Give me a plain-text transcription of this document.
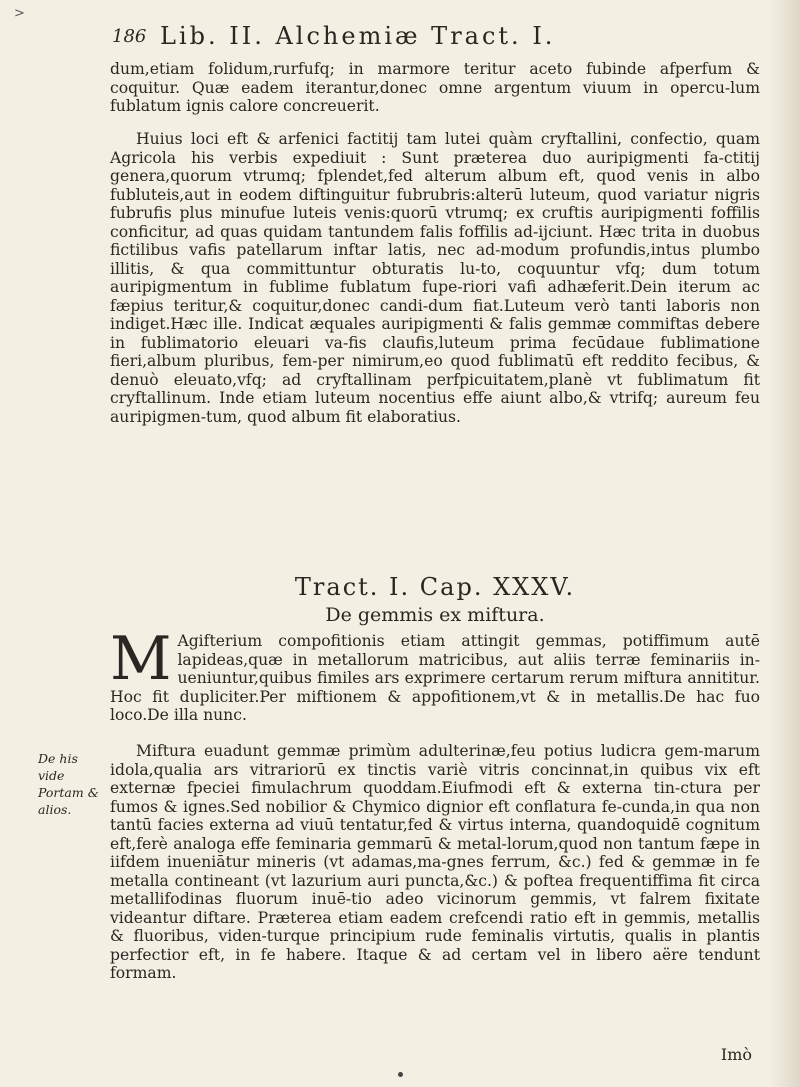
>
186 Lib. II. Alchemiæ Tract. I.

dum,etiam folidum,rurfufq; in marmore teritur aceto fubinde afperfum & coquitur. Quæ eadem iterantur,donec omne argentum viuum in opercu-lum fublatum ignis calore concreuerit.

Huius loci eft & arfenici factitij tam lutei quàm cryftallini, confectio, quam Agricola his verbis expediuit : Sunt præterea duo auripigmenti fa-ctitij genera,quorum vtrumq; fplendet,fed alterum album eft, quod venis in albo fubluteis,aut in eodem diftinguitur fubrubris:alterū luteum, quod variatur nigris fubrufis plus minufue luteis venis:quorū vtrumq; ex cruftis auripigmenti foffilis conficitur, ad quas quidam tantundem falis foffilis ad-ijciunt. Hæc trita in duobus fictilibus vafis patellarum inftar latis, nec ad-modum profundis,intus plumbo illitis, & qua committuntur obturatis lu-to, coquuntur vfq; dum totum auripigmentum in fublime fublatum fupe-riori vafi adhæferit.Dein iterum ac fæpius teritur,& coquitur,donec candi-dum fiat.Luteum verò tanti laboris non indiget.Hæc ille. Indicat æquales auripigmenti & falis gemmæ commiftas debere in fublimatorio eleuari va-fis claufis,luteum prima fecūdaue fublimatione fieri,album pluribus, fem-per nimirum,eo quod fublimatū eft reddito fecibus, & denuò eleuato,vfq; ad cryftallinam perfpicuitatem,planè vt fublimatum fit cryftallinum. Inde etiam luteum nocentius effe aiunt albo,& vtrifq; aureum feu auripigmen-tum, quod album fit elaboratius.

Tract. I. Cap. XXXV.
De gemmis ex miftura.

M Agifterium compofitionis etiam attingit gemmas, potiffimum autē lapideas,quæ in metallorum matricibus, aut aliis terræ feminariis in-ueniuntur,quibus fimiles ars exprimere certarum rerum miftura annititur. Hoc fit dupliciter.Per miftionem & appofitionem,vt & in metallis.De hac fuo loco.De illa nunc.

De his vide
Portam &
alios.

Miftura euadunt gemmæ primùm adulterinæ,feu potius ludicra gem-marum idola,qualia ars vitrariorū ex tinctis variè vitris concinnat,in quibus vix eft externæ fpeciei fimulachrum quoddam.Eiufmodi eft & externa tin-ctura per fumos & ignes.Sed nobilior & Chymico dignior eft conflatura fe-cunda,in qua non tantū facies externa ad viuū tentatur,fed & virtus interna, quandoquidē cognitum eft,ferè analoga effe feminaria gemmarū & metal-lorum,quod non tantum fæpe in iifdem inueniātur mineris (vt adamas,ma-gnes ferrum, &c.) fed & gemmæ in fe metalla contineant (vt lazurium auri puncta,&c.) & poftea frequentiffima fit circa metallifodinas fluorum inuē-tio adeo vicinorum gemmis, vt falrem fixitate videantur diftare. Præterea etiam eadem crefcendi ratio eft in gemmis, metallis & fluoribus, viden-turque principium rude feminalis virtutis, qualis in plantis perfectior eft, in fe habere. Itaque & ad certam vel in libero aëre tendunt formam.

Imò
